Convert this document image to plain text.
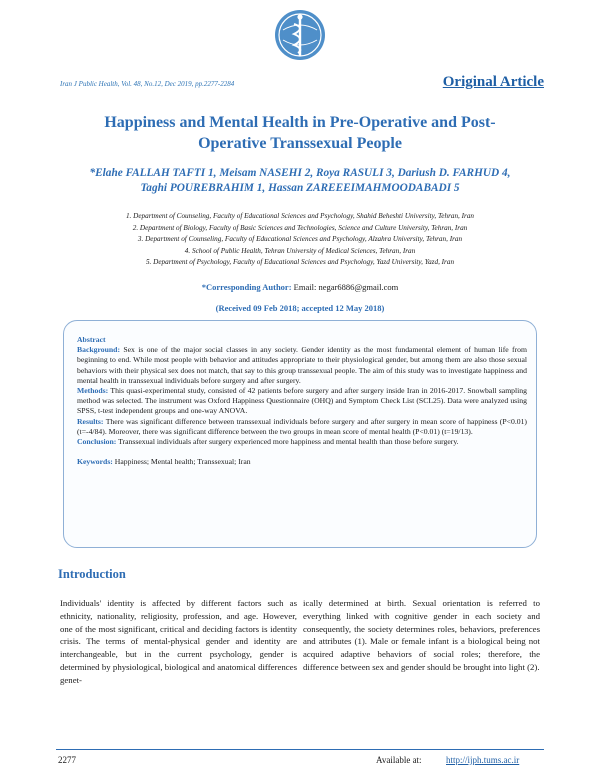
Iran J Public Health, Vol. 48, No.12, Dec 2019, pp.2277-2284	Original Article
Happiness and Mental Health in Pre-Operative and Post-
Operative Transsexual People
*Elahe FALLAH TAFTI 1, Meisam NASEHI 2, Roya RASULI 3, Dariush D. FARHUD 4,
Taghi POUREBRAHIM 1, Hassan ZAREEEIMAHMOODABADI 5
1. Department of Counseling, Faculty of Educational Sciences and Psychology, Shahid Beheshti University, Tehran, Iran
2. Department of Biology, Faculty of Basic Sciences and Technologies, Science and Culture University, Tehran, Iran
3. Department of Counseling, Faculty of Educational Sciences and Psychology, Alzahra University, Tehran, Iran
4. School of Public Health, Tehran University of Medical Sciences, Tehran, Iran
5. Department of Psychology, Faculty of Educational Sciences and Psychology, Yazd University, Yazd, Iran
*Corresponding Author: Email: negar6886@gmail.com
(Received 09 Feb 2018; accepted 12 May 2018)

Abstract

Background: Sex is one of the major social classes in any society. Gender identity as the most fundamental element of human life from beginning to end. While most people with behavior and attitudes appropriate to their physiological gender, but among them are also those sexual behaviors with their physical sex does not match, that say to this group transsexual people. The aim of this study was to investigate happiness and mental health in transsexual individuals before surgery and after surgery.

Methods: This quasi-experimental study, consisted of 42 patients before surgery and after surgery inside Iran in 2016-2017. Snowball sampling method was selected. The instrument was Oxford Happiness Questionnaire (OHQ) and Symptom Check List (SCL25). Data were analyzed using SPSS, t-test independent groups and one-way ANOVA.

Results: There was significant difference between transsexual individuals before surgery and after surgery in mean score of happiness (P<0.01) (t=-4/84). Moreover, there was significant difference between the two groups in mean score of mental health (P<0.01) (t=19/13).

Conclusion: Transsexual individuals after surgery experienced more happiness and mental health than those before surgery.

Keywords: Happiness; Mental health; Transsexual; Iran

Introduction
Individuals' identity is affected by different factors such as ethnicity, nationality, religiosity, profession, and age. However, one of the most significant, critical and deciding factors is identity crisis. The terms of mental-physical gender and identity are interchangeable, but in the current psychology, gender is determined by physiological, biological and anatomical differences genet-
ically determined at birth. Sexual orientation is referred to everything linked with cognitive gender in each society and consequently, the society determines roles, behaviors, preferences and attributes (1). Male or female infant is a biological being not acquired adaptive behaviors of social roles; therefore, the difference between sex and gender should be brought into light (2).
2277	Available at:	http://ijph.tums.ac.ir
